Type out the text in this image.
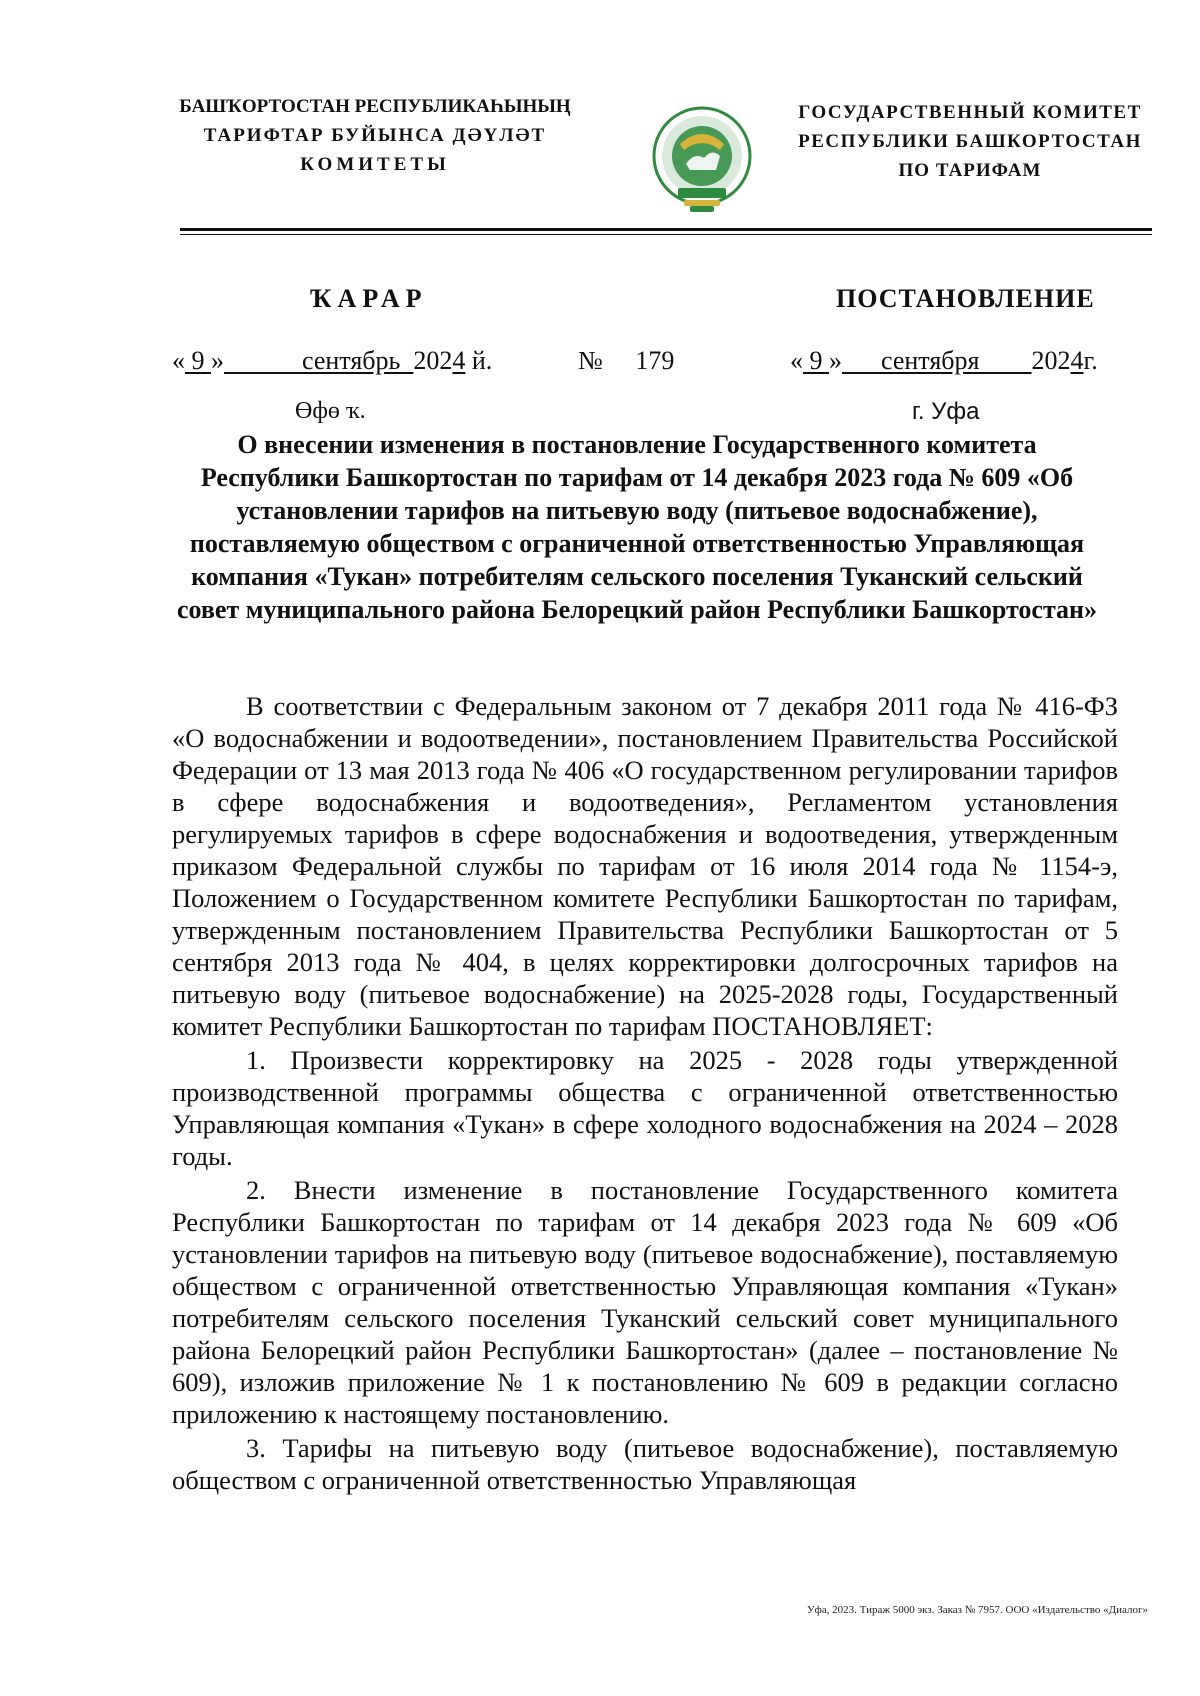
БАШҠОРТОСТАН РЕСПУБЛИКАҺЫНЫҢ
ТАРИФТАР БУЙЫНСА ДӘҮЛӘТ
КОМИТЕТЫ
ГОСУДАРСТВЕННЫЙ КОМИТЕТ
РЕСПУБЛИКИ БАШКОРТОСТАН
ПО ТАРИФАМ
ҠАРАР	ПОСТАНОВЛЕНИЕ
« 9 »	сентябрь 2024 й.	№ 179	« 9 » сентября 2024г.
Өфө ҡ.	г. Уфа
О внесении изменения в постановление Государственного комитета Республики Башкортостан по тарифам от 14 декабря 2023 года № 609 «Об установлении тарифов на питьевую воду (питьевое водоснабжение), поставляемую обществом с ограниченной ответственностью Управляющая компания «Тукан» потребителям сельского поселения Туканский сельский совет муниципального района Белорецкий район Республики Башкортостан»

В соответствии с Федеральным законом от 7 декабря 2011 года № 416-ФЗ «О водоснабжении и водоотведении», постановлением Правительства Российской Федерации от 13 мая 2013 года № 406 «О государственном регулировании тарифов в сфере водоснабжения и водоотведения», Регламентом установления регулируемых тарифов в сфере водоснабжения и водоотведения, утвержденным приказом Федеральной службы по тарифам от 16 июля 2014 года № 1154-э, Положением о Государственном комитете Республики Башкортостан по тарифам, утвержденным постановлением Правительства Республики Башкортостан от 5 сентября 2013 года № 404, в целях корректировки долгосрочных тарифов на питьевую воду (питьевое водоснабжение) на 2025-2028 годы, Государственный комитет Республики Башкортостан по тарифам ПОСТАНОВЛЯЕТ:

1. Произвести корректировку на 2025 - 2028 годы утвержденной производственной программы общества с ограниченной ответственностью Управляющая компания «Тукан» в сфере холодного водоснабжения на 2024 – 2028 годы.

2. Внести изменение в постановление Государственного комитета Республики Башкортостан по тарифам от 14 декабря 2023 года № 609 «Об установлении тарифов на питьевую воду (питьевое водоснабжение), поставляемую обществом с ограниченной ответственностью Управляющая компания «Тукан» потребителям сельского поселения Туканский сельский совет муниципального района Белорецкий район Республики Башкортостан» (далее – постановление № 609), изложив приложение № 1 к постановлению № 609 в редакции согласно приложению к настоящему постановлению.

3. Тарифы на питьевую воду (питьевое водоснабжение), поставляемую обществом с ограниченной ответственностью Управляющая

Уфа, 2023. Тираж 5000 экз. Заказ № 7957. ООО «Издательство «Диалог»
